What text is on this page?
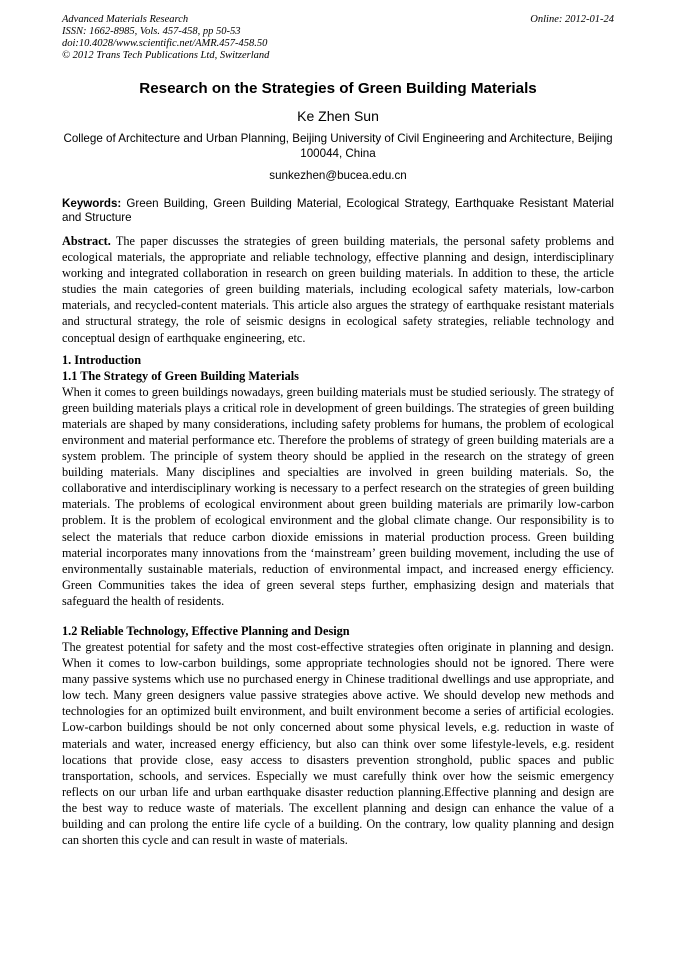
Advanced Materials Research
ISSN: 1662-8985, Vols. 457-458, pp 50-53
doi:10.4028/www.scientific.net/AMR.457-458.50
© 2012 Trans Tech Publications Ltd, Switzerland
Online: 2012-01-24
Research on the Strategies of Green Building Materials
Ke Zhen Sun
College of Architecture and Urban Planning, Beijing University of Civil Engineering and Architecture, Beijing 100044, China
sunkezhen@bucea.edu.cn
Keywords: Green Building, Green Building Material, Ecological Strategy, Earthquake Resistant Material and Structure

Abstract. The paper discusses the strategies of green building materials, the personal safety problems and ecological materials, the appropriate and reliable technology, effective planning and design, interdisciplinary working and integrated collaboration in research on green building materials. In addition to these, the article studies the main categories of green building materials, including ecological safety materials, low-carbon materials, and recycled-content materials. This article also argues the strategy of earthquake resistant materials and structural strategy, the role of seismic designs in ecological safety strategies, reliable technology and conceptual design of earthquake engineering, etc.

1. Introduction
1.1 The Strategy of Green Building Materials

When it comes to green buildings nowadays, green building materials must be studied seriously. The strategy of green building materials plays a critical role in development of green buildings. The strategies of green building materials are shaped by many considerations, including safety problems for humans, the problem of ecological environment and material performance etc. Therefore the problems of strategy of green building materials are a system problem. The principle of system theory should be applied in the research on the strategy of green building materials. Many disciplines and specialties are involved in green building materials. So, the collaborative and interdisciplinary working is necessary to a perfect research on the strategies of green building materials. The problems of ecological environment about green building materials are primarily low-carbon problem. It is the problem of ecological environment and the global climate change. Our responsibility is to select the materials that reduce carbon dioxide emissions in material production process. Green building material incorporates many innovations from the ‘mainstream’ green building movement, including the use of environmentally sustainable materials, reduction of environmental impact, and increased energy efficiency. Green Communities takes the idea of green several steps further, emphasizing design and materials that safeguard the health of residents.

1.2 Reliable Technology, Effective Planning and Design

The greatest potential for safety and the most cost-effective strategies often originate in planning and design. When it comes to low-carbon buildings, some appropriate technologies should not be ignored. There were many passive systems which use no purchased energy in Chinese traditional dwellings and use appropriate, and low tech. Many green designers value passive strategies above active. We should develop new methods and technologies for an optimized built environment, and built environment become a series of artificial ecologies. Low-carbon buildings should be not only concerned about some physical levels, e.g. reduction in waste of materials and water, increased energy efficiency, but also can think over some lifestyle-levels, e.g. resident locations that provide close, easy access to disasters prevention stronghold, public spaces and public transportation, schools, and services. Especially we must carefully think over how the seismic emergency reflects on our urban life and urban earthquake disaster reduction planning.Effective planning and design are the best way to reduce waste of materials. The excellent planning and design can enhance the value of a building and can prolong the entire life cycle of a building. On the contrary, low quality planning and design can shorten this cycle and can result in waste of materials.
